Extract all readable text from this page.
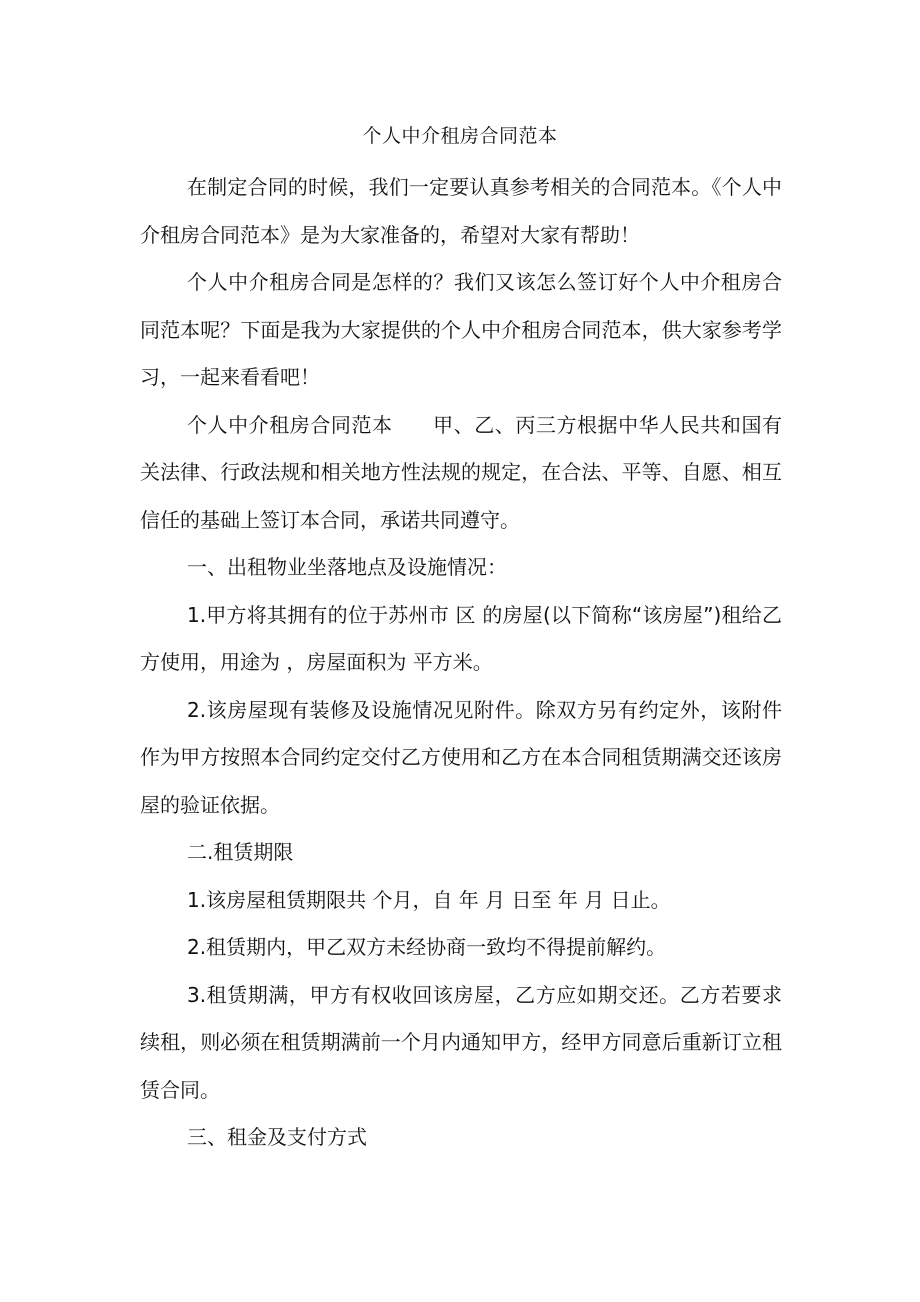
个人中介租房合同范本

在制定合同的时候，我们一定要认真参考相关的合同范本。《个人中介租房合同范本》是为大家准备的，希望对大家有帮助！

个人中介租房合同是怎样的？我们又该怎么签订好个人中介租房合同范本呢？下面是我为大家提供的个人中介租房合同范本，供大家参考学习，一起来看看吧！

个人中介租房合同范本 甲、乙、丙三方根据中华人民共和国有关法律、行政法规和相关地方性法规的规定，在合法、平等、自愿、相互信任的基础上签订本合同，承诺共同遵守。

一、出租物业坐落地点及设施情况：

1.甲方将其拥有的位于苏州市 区 的房屋(以下简称“该房屋”)租给乙方使用，用途为 ，房屋面积为 平方米。

2.该房屋现有装修及设施情况见附件。除双方另有约定外，该附件作为甲方按照本合同约定交付乙方使用和乙方在本合同租赁期满交还该房屋的验证依据。

二.租赁期限

1.该房屋租赁期限共 个月，自 年 月 日至 年 月 日止。

2.租赁期内，甲乙双方未经协商一致均不得提前解约。

3.租赁期满，甲方有权收回该房屋，乙方应如期交还。乙方若要求续租，则必须在租赁期满前一个月内通知甲方，经甲方同意后重新订立租赁合同。

三、租金及支付方式
